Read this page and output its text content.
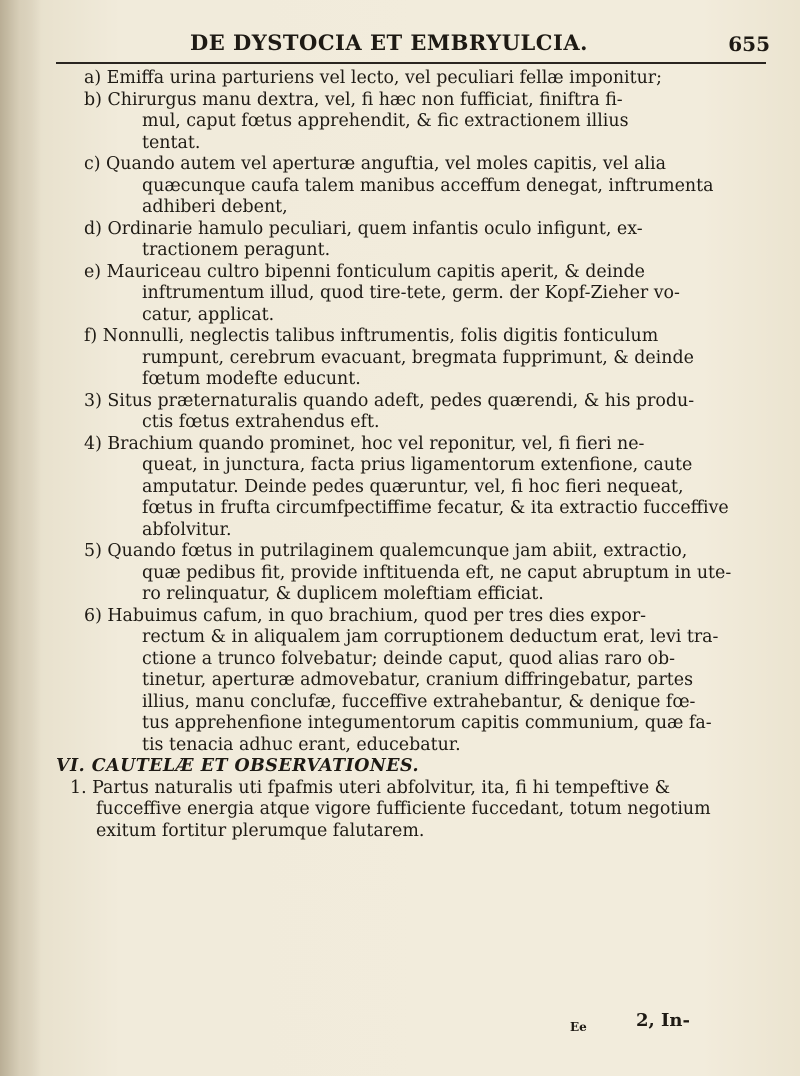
DE DYSTOCIA ET EMBRYULCIA.	655
a) Emiffa urina parturiens vel lecto, vel peculiari fellæ imponitur;
b) Chirurgus manu dextra, vel, fi hæc non fufficiat, finiftra fi-
mul, caput fœtus apprehendit, & fic extractionem illius
tentat.
c) Quando autem vel aperturæ anguftia, vel moles capitis, vel alia
quæcunque caufa talem manibus acceffum denegat, inftrumenta
adhiberi debent,
d) Ordinarie hamulo peculiari, quem infantis oculo infigunt, ex-
tractionem peragunt.
e) Mauriceau cultro bipenni fonticulum capitis aperit, & deinde
inftrumentum illud, quod tire-tete, germ. der Kopf-Zieher vo-
catur, applicat.
f) Nonnulli, neglectis talibus inftrumentis, folis digitis fonticulum
rumpunt, cerebrum evacuant, bregmata fupprimunt, & deinde
fœtum modefte educunt.
3) Situs præternaturalis quando adeft, pedes quærendi, & his produ-
ctis fœtus extrahendus eft.
4) Brachium quando prominet, hoc vel reponitur, vel, fi fieri ne-
queat, in junctura, facta prius ligamentorum extenfione, caute
amputatur. Deinde pedes quæruntur, vel, fi hoc fieri nequeat,
fœtus in frufta circumfpectiffime fecatur, & ita extractio fucceffive
abfolvitur.
5) Quando fœtus in putrilaginem qualemcunque jam abiit, extractio,
quæ pedibus fit, provide inftituenda eft, ne caput abruptum in ute-
ro relinquatur, & duplicem moleftiam efficiat.
6) Habuimus cafum, in quo brachium, quod per tres dies expor-
rectum & in aliqualem jam corruptionem deductum erat, levi tra-
ctione a trunco folvebatur; deinde caput, quod alias raro ob-
tinetur, aperturæ admovebatur, cranium diffringebatur, partes
illius, manu conclufæ, fucceffive extrahebantur, & denique fœ-
tus apprehenfione integumentorum capitis communium, quæ fa-
tis tenacia adhuc erant, educebatur.
VI. CAUTELÆ ET OBSERVATIONES.
1. Partus naturalis uti fpafmis uteri abfolvitur, ita, fi hi tempeftive &
fucceffive energia atque vigore fufficiente fuccedant, totum negotium
exitum fortitur plerumque falutarem.
Ee	2, In-
